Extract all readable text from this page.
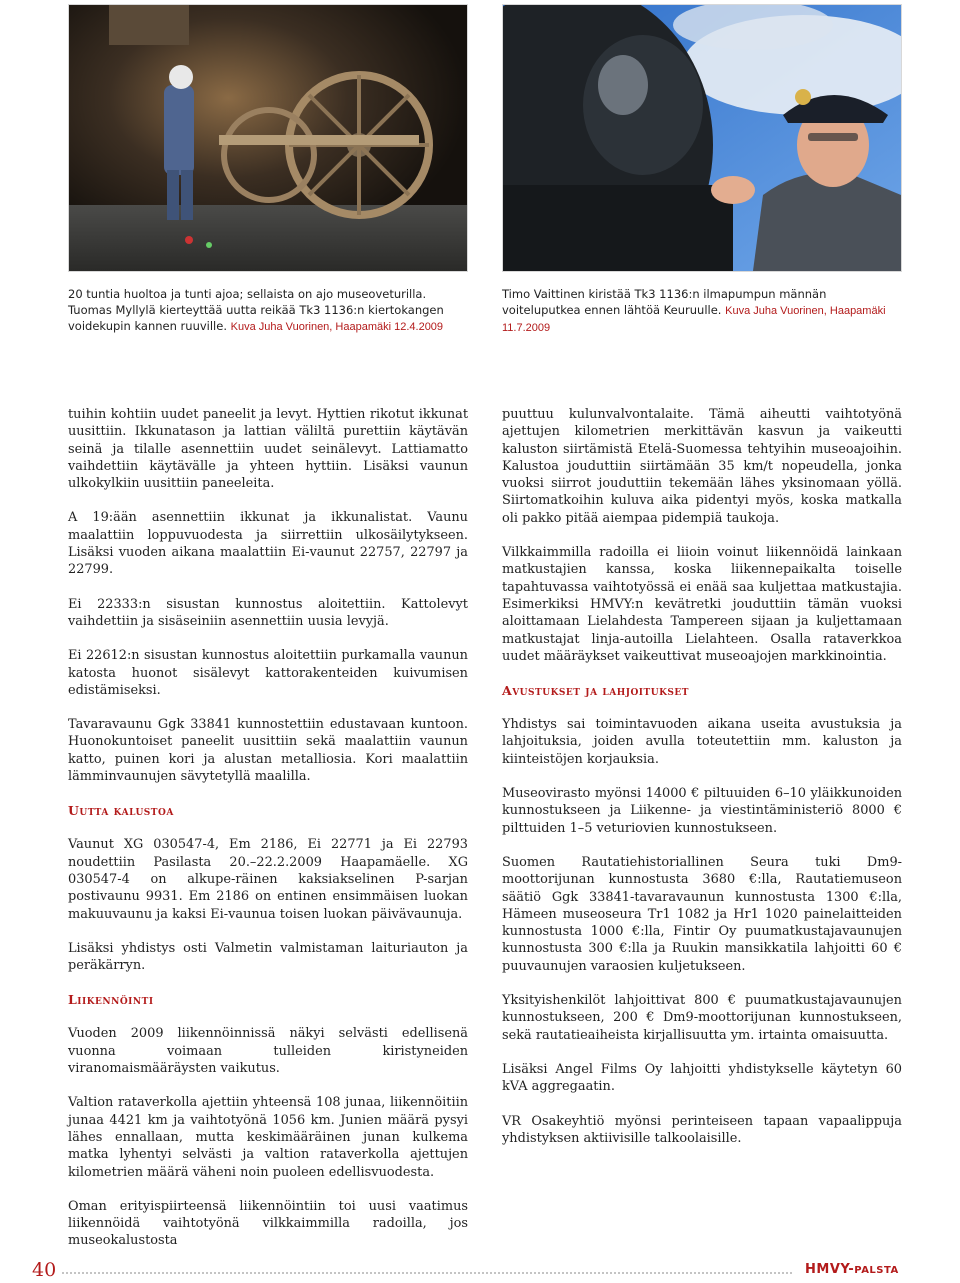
20 tuntia huoltoa ja tunti ajoa; sellaista on ajo museoveturilla. Tuomas Myllylä kierteyttää uutta reikää Tk3 1136:n kiertokangen voidekupin kannen ruuville. Kuva Juha Vuorinen, Haapamäki 12.4.2009
Timo Vaittinen kiristää Tk3 1136:n ilmapumpun männän voiteluputkea ennen lähtöä Keuruulle. Kuva Juha Vuorinen, Haapamäki 11.7.2009

tuihin kohtiin uudet paneelit ja levyt. Hyttien rikotut ikkunat uusittiin. Ikkunatason ja lattian väliltä purettiin käytävän seinä ja tilalle asennettiin uudet seinälevyt. Lattiamatto vaihdettiin käytävälle ja yhteen hyttiin. Lisäksi vaunun ulkokylkiin uusittiin paneeleita.

A 19:ään asennettiin ikkunat ja ikkunalistat. Vaunu maalattiin loppuvuodesta ja siirrettiin ulkosäilytykseen. Lisäksi vuoden aikana maalattiin Ei-vaunut 22757, 22797 ja 22799.

Ei 22333:n sisustan kunnostus aloitettiin. Kattolevyt vaihdettiin ja sisäseiniin asennettiin uusia levyjä.

Ei 22612:n sisustan kunnostus aloitettiin purkamalla vaunun katosta huonot sisälevyt kattorakenteiden kuivumisen edistämiseksi.

Tavaravaunu Ggk 33841 kunnostettiin edustavaan kuntoon. Huonokuntoiset paneelit uusittiin sekä maalattiin vaunun katto, puinen kori ja alustan metalliosia. Kori maalattiin lämminvaunujen sävytetyllä maalilla.

Uutta kalustoa

Vaunut XG 030547-4, Em 2186, Ei 22771 ja Ei 22793 noudettiin Pasilasta 20.–22.2.2009 Haapamäelle. XG 030547-4 on alkupe-räinen kaksiakselinen P-sarjan postivaunu 9931. Em 2186 on entinen ensimmäisen luokan makuuvaunu ja kaksi Ei-vaunua toisen luokan päivävaunuja.

Lisäksi yhdistys osti Valmetin valmistaman laituriauton ja peräkärryn.

Liikennöinti

Vuoden 2009 liikennöinnissä näkyi selvästi edellisenä vuonna voimaan tulleiden kiristyneiden viranomaismääräysten vaikutus.

Valtion rataverkolla ajettiin yhteensä 108 junaa, liikennöitiin junaa 4421 km ja vaihtotyönä 1056 km. Junien määrä pysyi lähes ennallaan, mutta keskimääräinen junan kulkema matka lyhentyi selvästi ja valtion rataverkolla ajettujen kilometrien määrä väheni noin puoleen edellisvuodesta.

Oman erityispiirteensä liikennöintiin toi uusi vaatimus liikennöidä vaihtotyönä vilkkaimmilla radoilla, jos museokalustosta

puuttuu kulunvalvontalaite. Tämä aiheutti vaihtotyönä ajettujen kilometrien merkittävän kasvun ja vaikeutti kaluston siirtämistä Etelä-Suomessa tehtyihin museoajoihin. Kalustoa jouduttiin siirtämään 35 km/t nopeudella, jonka vuoksi siirrot jouduttiin tekemään lähes yksinomaan yöllä. Siirtomatkoihin kuluva aika pidentyi myös, koska matkalla oli pakko pitää aiempaa pidempiä taukoja.

Vilkkaimmilla radoilla ei liioin voinut liikennöidä lainkaan matkustajien kanssa, koska liikennepaikalta toiselle tapahtuvassa vaihtotyössä ei enää saa kuljettaa matkustajia. Esimerkiksi HMVY:n kevätretki jouduttiin tämän vuoksi aloittamaan Lielahdesta Tampereen sijaan ja kuljettamaan matkustajat linja-autoilla Lielahteen. Osalla rataverkkoa uudet määräykset vaikeuttivat museoajojen markkinointia.

Avustukset ja lahjoitukset

Yhdistys sai toimintavuoden aikana useita avustuksia ja lahjoituksia, joiden avulla toteutettiin mm. kaluston ja kiinteistöjen korjauksia.

Museovirasto myönsi 14000 € piltuuiden 6–10 yläikkunoiden kunnostukseen ja Liikenne- ja viestintäministeriö 8000 € pilttuiden 1–5 veturiovien kunnostukseen.

Suomen Rautatiehistoriallinen Seura tuki Dm9-moottorijunan kunnostusta 3680 €:lla, Rautatiemuseon säätiö Ggk 33841-tavaravaunun kunnostusta 1300 €:lla, Hämeen museoseura Tr1 1082 ja Hr1 1020 painelaitteiden kunnostusta 1000 €:lla, Fintir Oy puumatkustajavaunujen kunnostusta 300 €:lla ja Ruukin mansikkatila lahjoitti 60 € puuvaunujen varaosien kuljetukseen.

Yksityishenkilöt lahjoittivat 800 € puumatkustajavaunujen kunnostukseen, 200 € Dm9-moottorijunan kunnostukseen, sekä rautatieaiheista kirjallisuutta ym. irtainta omaisuutta.

Lisäksi Angel Films Oy lahjoitti yhdistykselle käytetyn 60 kVA aggregaatin.

VR Osakeyhtiö myönsi perinteiseen tapaan vapaalippuja yhdistyksen aktiivisille talkoolaisille.

40	HMVY-PALSTA
